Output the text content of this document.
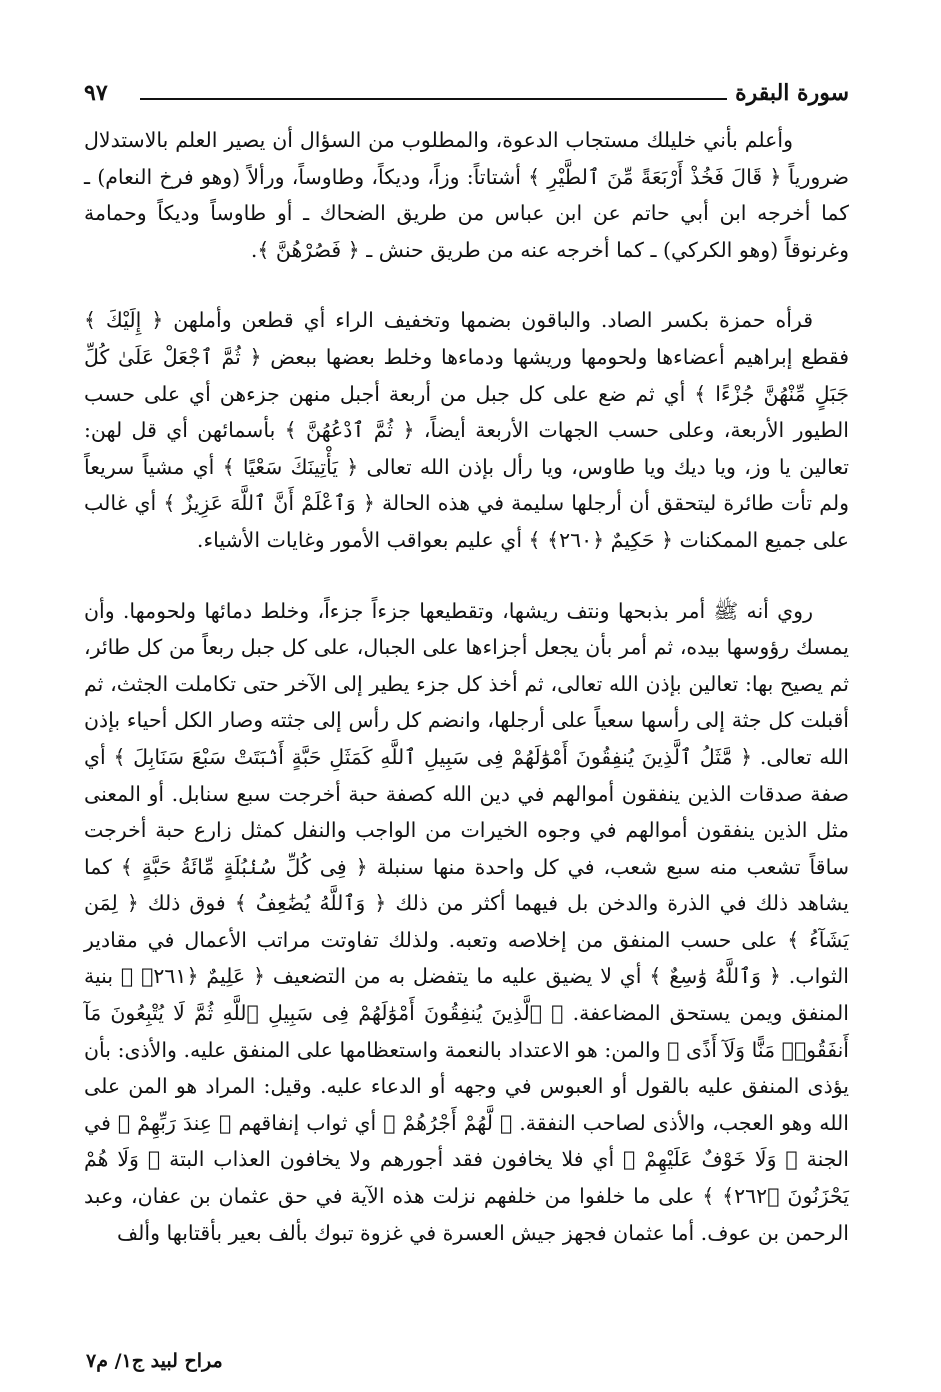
سورة البقرة
٩٧

وأعلم بأني خليلك مستجاب الدعوة، والمطلوب من السؤال أن يصير العلم بالاستدلال ضرورياً ﴿ قَالَ فَخُذْ أَرْبَعَةً مِّنَ ٱلطَّيْرِ ﴾ أشتاتاً: وزاً، وديكاً، وطاوساً، ورألاً (وهو فرخ النعام) ـ كما أخرجه ابن أبي حاتم عن ابن عباس من طريق الضحاك ـ أو طاوساً وديكاً وحمامة وغرنوقاً (وهو الكركي) ـ كما أخرجه عنه من طريق حنش ـ ﴿ فَصُرْهُنَّ ﴾.

قرأه حمزة بكسر الصاد. والباقون بضمها وتخفيف الراء أي قطعن وأملهن ﴿ إِلَيْكَ ﴾ فقطع إبراهيم أعضاءها ولحومها وريشها ودماءها وخلط بعضها ببعض ﴿ ثُمَّ ٱجْعَلْ عَلَىٰ كُلِّ جَبَلٍ مِّنْهُنَّ جُزْءًا ﴾ أي ثم ضع على كل جبل من أربعة أجبل منهن جزءهن أي على حسب الطيور الأربعة، وعلى حسب الجهات الأربعة أيضاً، ﴿ ثُمَّ ٱدْعُهُنَّ ﴾ بأسمائهن أي قل لهن: تعالين يا وز، ويا ديك ويا طاوس، ويا رأل بإذن الله تعالى ﴿ يَأْتِينَكَ سَعْيًا ﴾ أي مشياً سريعاً ولم تأت طائرة ليتحقق أن أرجلها سليمة في هذه الحالة ﴿ وَٱعْلَمْ أَنَّ ٱللَّهَ عَزِيزٌ ﴾ أي غالب على جميع الممكنات ﴿ حَكِيمٌ ﴿٢٦٠﴾ ﴾ أي عليم بعواقب الأمور وغايات الأشياء.

روي أنه ﷺ أمر بذبحها ونتف ريشها، وتقطيعها جزءاً جزءاً، وخلط دمائها ولحومها. وأن يمسك رؤوسها بيده، ثم أمر بأن يجعل أجزاءها على الجبال، على كل جبل ربعاً من كل طائر، ثم يصيح بها: تعالين بإذن الله تعالى، ثم أخذ كل جزء يطير إلى الآخر حتى تكاملت الجثث، ثم أقبلت كل جثة إلى رأسها سعياً على أرجلها، وانضم كل رأس إلى جثته وصار الكل أحياء بإذن الله تعالى. ﴿ مَّثَلُ ٱلَّذِينَ يُنفِقُونَ أَمْوَٰلَهُمْ فِى سَبِيلِ ٱللَّهِ كَمَثَلِ حَبَّةٍ أَنۢبَتَتْ سَبْعَ سَنَابِلَ ﴾ أي صفة صدقات الذين ينفقون أموالهم في دين الله كصفة حبة أخرجت سبع سنابل. أو المعنى مثل الذين ينفقون أموالهم في وجوه الخيرات من الواجب والنفل كمثل زارع حبة أخرجت ساقاً تشعب منه سبع شعب، في كل واحدة منها سنبلة ﴿ فِى كُلِّ سُنۢبُلَةٍ مِّائَةُ حَبَّةٍ ﴾ كما يشاهد ذلك في الذرة والدخن بل فيهما أكثر من ذلك ﴿ وَٱللَّهُ يُضَٰعِفُ ﴾ فوق ذلك ﴿ لِمَن يَشَآءُ ﴾ على حسب المنفق من إخلاصه وتعبه. ولذلك تفاوتت مراتب الأعمال في مقادير الثواب. ﴿ وَٱللَّهُ وَٰسِعٌ ﴾ أي لا يضيق عليه ما يتفضل به من التضعيف ﴿ عَلِيمٌ ﴿٢٦١﴾ ﴾ بنية المنفق ويمن يستحق المضاعفة. ﴿ ٱلَّذِينَ يُنفِقُونَ أَمْوَٰلَهُمْ فِى سَبِيلِ ٱللَّهِ ثُمَّ لَا يُتْبِعُونَ مَآ أَنفَقُوا۟ مَنًّا وَلَآ أَذًى ﴾ والمن: هو الاعتداد بالنعمة واستعظامها على المنفق عليه. والأذى: بأن يؤذى المنفق عليه بالقول أو العبوس في وجهه أو الدعاء عليه. وقيل: المراد هو المن على الله وهو العجب، والأذى لصاحب النفقة. ﴿ لَّهُمْ أَجْرُهُمْ ﴾ أي ثواب إنفاقهم ﴿ عِندَ رَبِّهِمْ ﴾ في الجنة ﴿ وَلَا خَوْفٌ عَلَيْهِمْ ﴾ أي فلا يخافون فقد أجورهم ولا يخافون العذاب البتة ﴿ وَلَا هُمْ يَحْزَنُونَ ﴿٢٦٢﴾ ﴾ على ما خلفوا من خلفهم نزلت هذه الآية في حق عثمان بن عفان، وعبد الرحمن بن عوف. أما عثمان فجهز جيش العسرة في غزوة تبوك بألف بعير بأقتابها وألف

مراح لبيد ج١/ م٧
